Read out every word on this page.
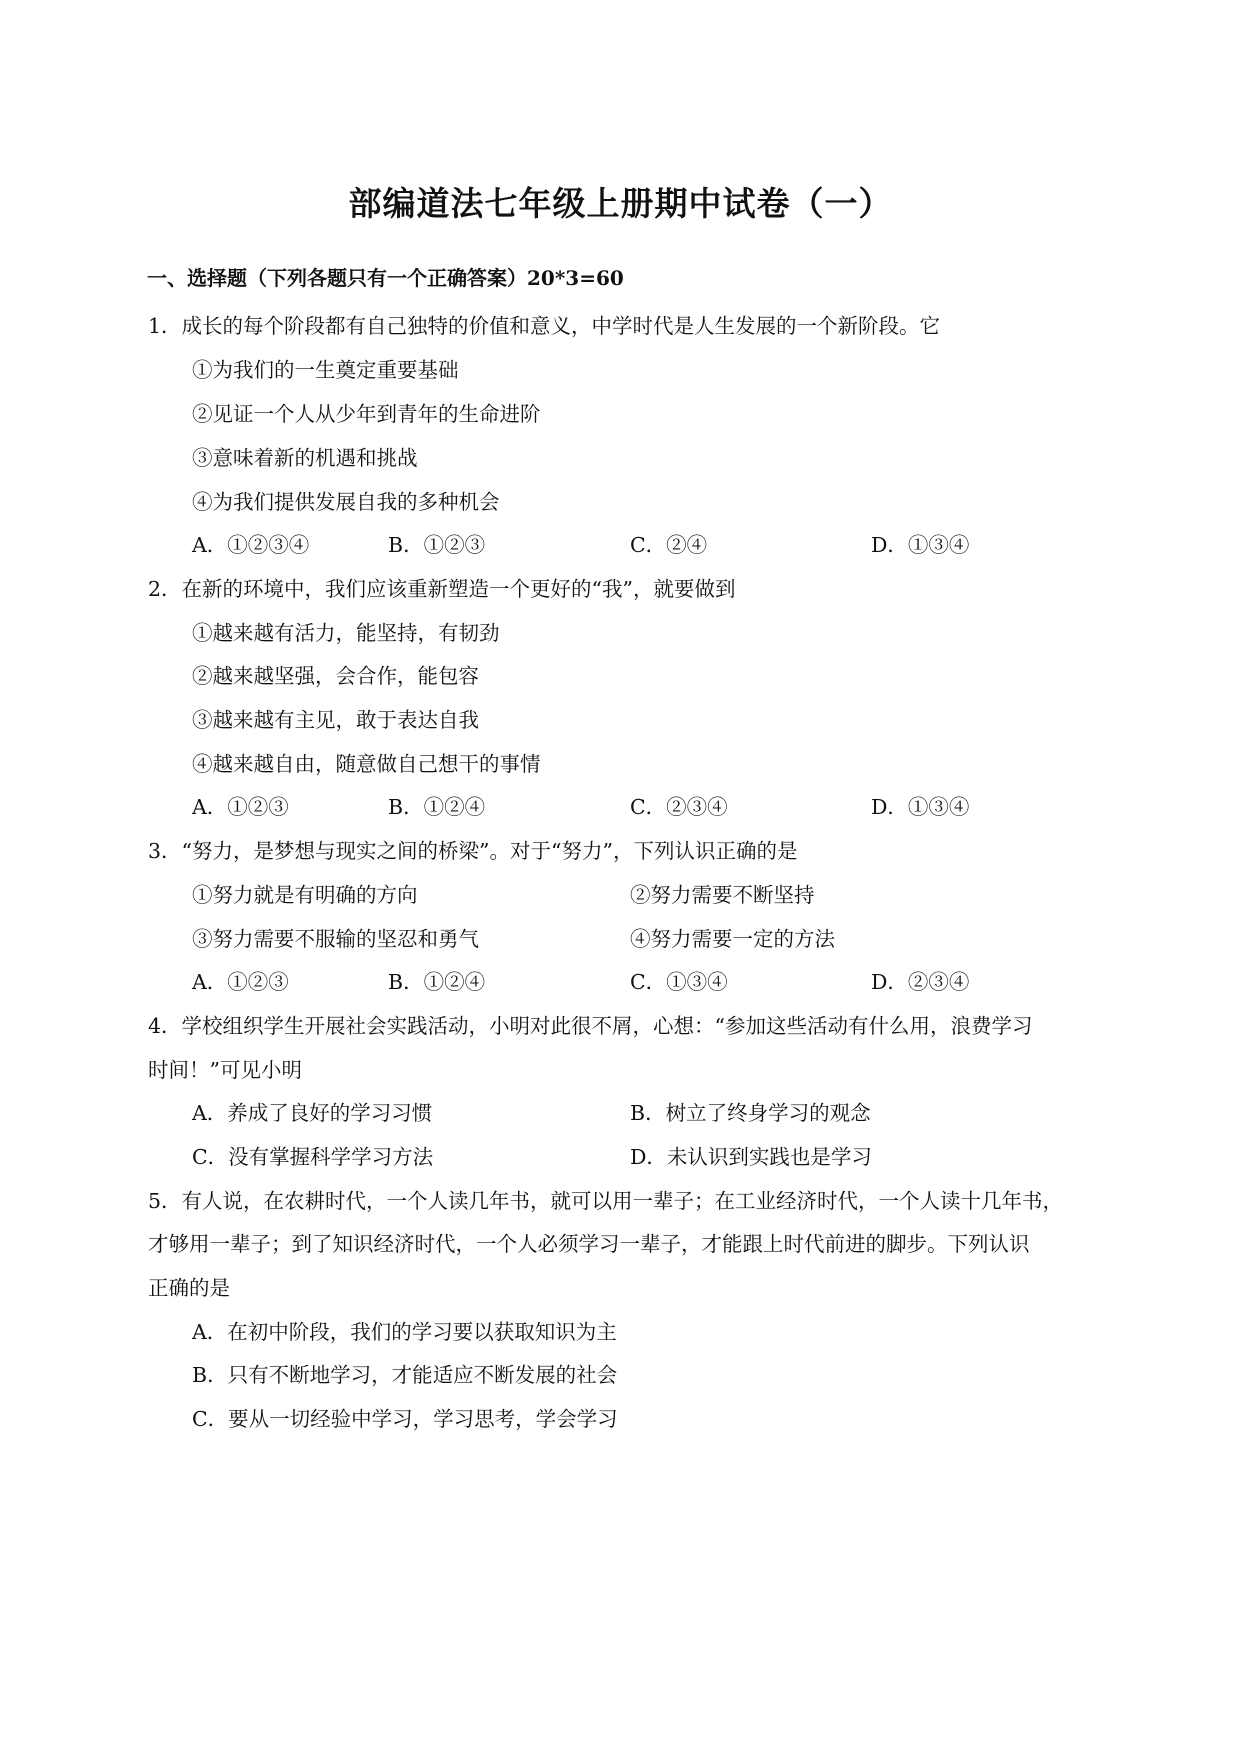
部编道法七年级上册期中试卷（一）
一、选择题（下列各题只有一个正确答案）20*3=60
1．成长的每个阶段都有自己独特的价值和意义，中学时代是人生发展的一个新阶段。它
①为我们的一生奠定重要基础
②见证一个人从少年到青年的生命进阶
③意味着新的机遇和挑战
④为我们提供发展自我的多种机会
A．①②③④	B．①②③	C．②④	D．①③④
2．在新的环境中，我们应该重新塑造一个更好的“我”，就要做到
①越来越有活力，能坚持，有韧劲
②越来越坚强，会合作，能包容
③越来越有主见，敢于表达自我
④越来越自由，随意做自己想干的事情
A．①②③	B．①②④	C．②③④	D．①③④
3．“努力，是梦想与现实之间的桥梁”。对于“努力”，下列认识正确的是
①努力就是有明确的方向	②努力需要不断坚持
③努力需要不服输的坚忍和勇气	④努力需要一定的方法
A．①②③	B．①②④	C．①③④	D．②③④
4．学校组织学生开展社会实践活动，小明对此很不屑，心想：“参加这些活动有什么用，浪费学习
时间！”可见小明
A．养成了良好的学习习惯	B．树立了终身学习的观念
C．没有掌握科学学习方法	D．未认识到实践也是学习
5．有人说，在农耕时代，一个人读几年书，就可以用一辈子；在工业经济时代，一个人读十几年书，
才够用一辈子；到了知识经济时代，一个人必须学习一辈子，才能跟上时代前进的脚步。下列认识
正确的是
A．在初中阶段，我们的学习要以获取知识为主
B．只有不断地学习，才能适应不断发展的社会
C．要从一切经验中学习，学习思考，学会学习
